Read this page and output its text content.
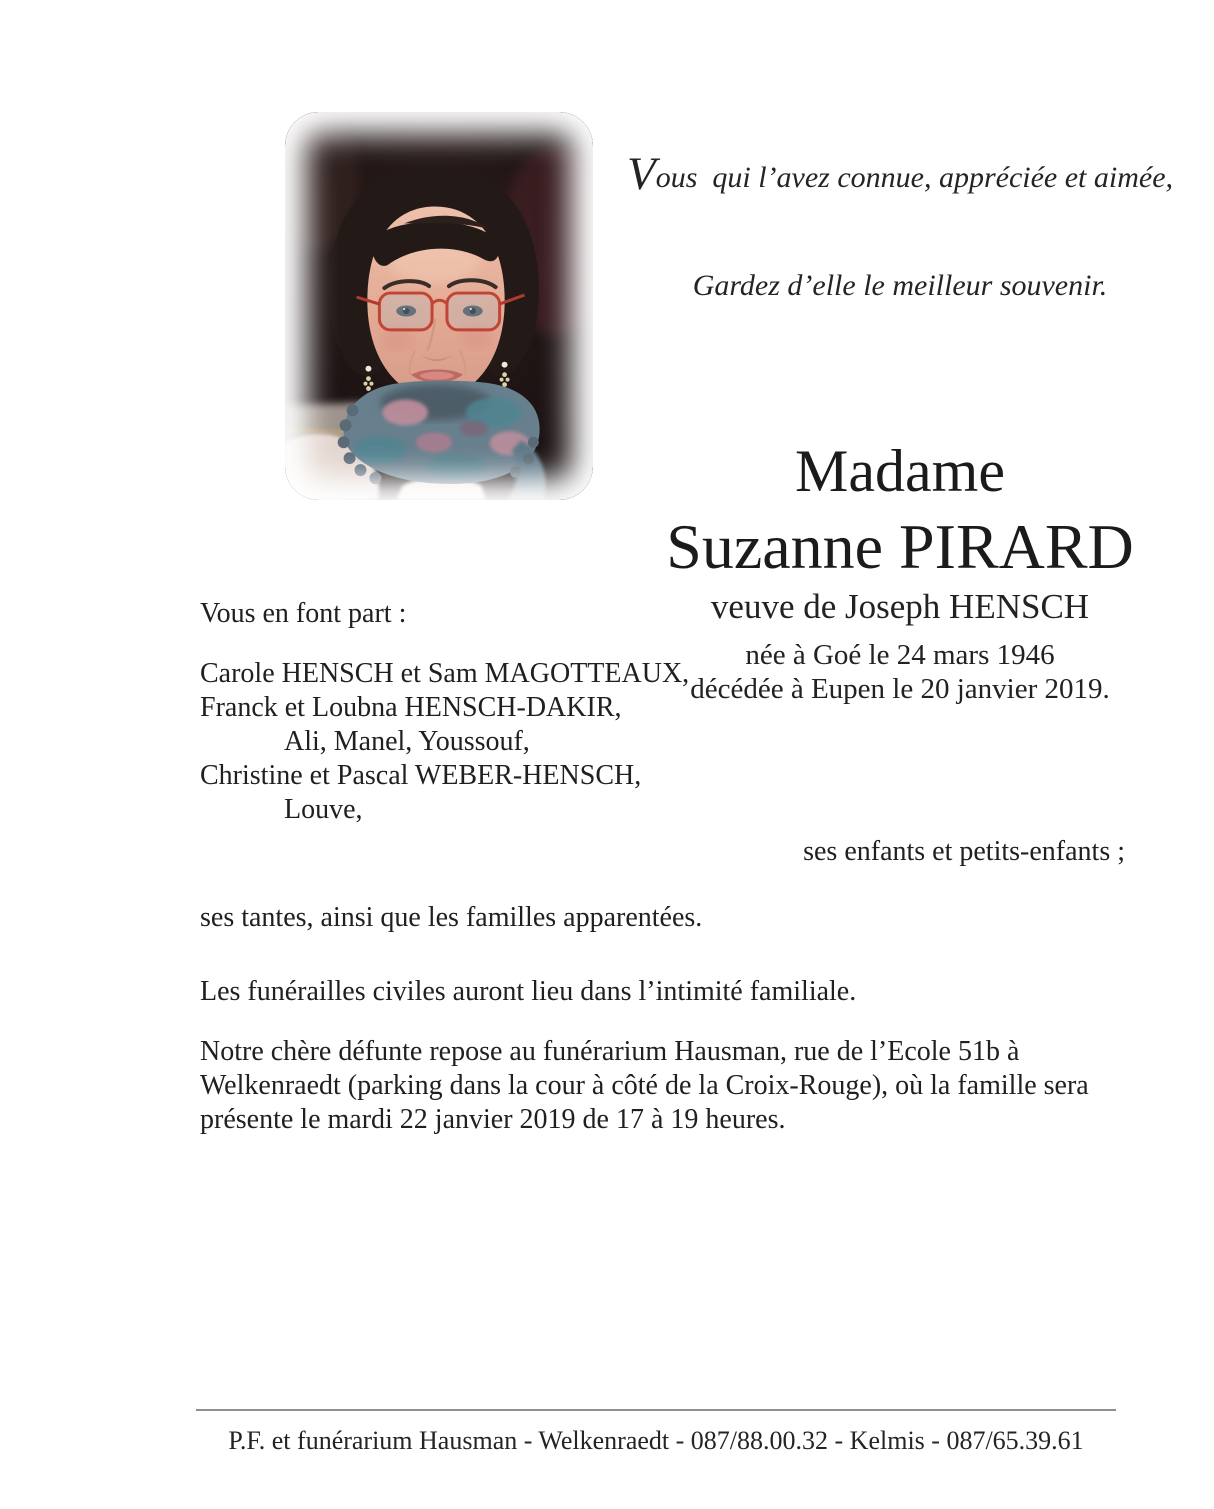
Vous  qui l’avez connue, appréciée et aimée,

Gardez d’elle le meilleur souvenir.

Madame
Suzanne PIRARD
veuve de Joseph HENSCH
née à Goé le 24 mars 1946
décédée à Eupen le 20 janvier 2019.
Vous en font part :
Carole HENSCH et Sam MAGOTTEAUX,
Franck et Loubna HENSCH-DAKIR,
Ali, Manel, Youssouf,
Christine et Pascal WEBER-HENSCH,
Louve,
ses enfants et petits-enfants ;
ses tantes, ainsi que les familles apparentées.
Les funérailles civiles auront lieu dans l’intimité familiale.
Notre chère défunte repose au funérarium Hausman, rue de l’Ecole 51b à
Welkenraedt (parking dans la cour à côté de la Croix-Rouge), où la famille sera
présente le mardi 22 janvier 2019 de 17 à 19 heures.
P.F. et funérarium Hausman - Welkenraedt - 087/88.00.32 - Kelmis - 087/65.39.61
